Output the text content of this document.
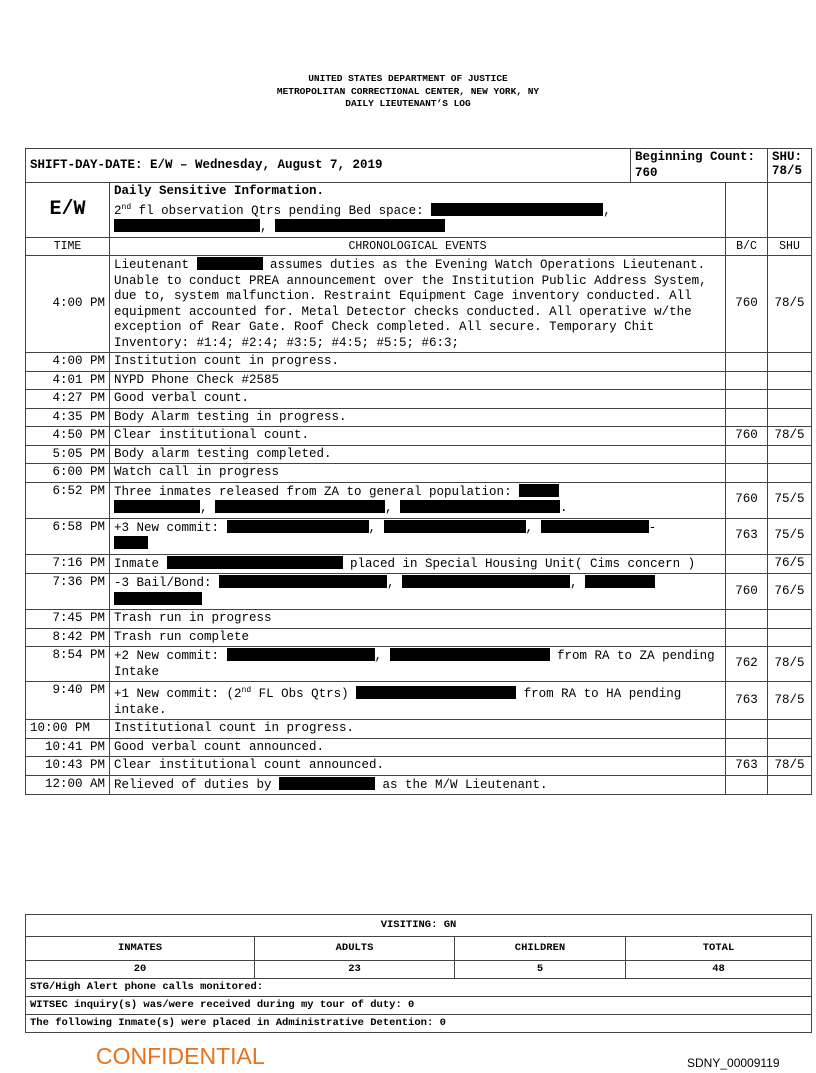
UNITED STATES DEPARTMENT OF JUSTICE
METROPOLITAN CORRECTIONAL CENTER, NEW YORK, NY
DAILY LIEUTENANT’S LOG
SHIFT-DAY-DATE: E/W – Wednesday, August 7, 2019		Beginning Count: 760		SHU:78/5
E/W	Daily Sensitive Information.
2nd fl observation Qtrs pending Bed space: ,
,			
TIME	CHRONOLOGICAL EVENTS		B/C	SHU
4:00 PM	Lieutenant assumes duties as the Evening Watch Operations Lieutenant. Unable to conduct PREA announcement over the Institution Public Address System, due to, system malfunction. Restraint Equipment Cage inventory conducted. All equipment accounted for. Metal Detector checks conducted. All operative w/the exception of Rear Gate. Roof Check completed. All secure. Temporary Chit Inventory: #1:4; #2:4; #3:5; #4:5; #5:5; #6:3;		760	78/5
4:00 PM	Institution count in progress.			
4:01 PM	NYPD Phone Check #2585			
4:27 PM	Good verbal count.			
4:35 PM	Body Alarm testing in progress.			
4:50 PM	Clear institutional count.		760	78/5
5:05 PM	Body alarm testing completed.			
6:00 PM	Watch call in progress			
6:52 PM	Three inmates released from ZA to general population:
, , .		760	75/5
6:58 PM	+3 New commit: , , -		763	75/5
7:16 PM	Inmate placed in Special Housing Unit( Cims concern )			76/5
7:36 PM	-3 Bail/Bond: , ,		760	76/5
7:45 PM	Trash run in progress			
8:42 PM	Trash run complete			
8:54 PM	+2 New commit: , from RA to ZA pending Intake		762	78/5
9:40 PM	+1 New commit: (2nd FL Obs Qtrs) from RA to HA pending intake.		763	78/5
10:00 PM	Institutional count in progress.			
10:41 PM	Good verbal count announced.			
10:43 PM	Clear institutional count announced.		763	78/5
12:00 AM	Relieved of duties by as the M/W Lieutenant.			
VISITING: GN			
INMATES	ADULTS	CHILDREN	TOTAL
20	23	5	48
STG/High Alert phone calls monitored:			
WITSEC inquiry(s) was/were received during my tour of duty: 0			
The following Inmate(s) were placed in Administrative Detention: 0			
CONFIDENTIAL	SDNY_00009119
